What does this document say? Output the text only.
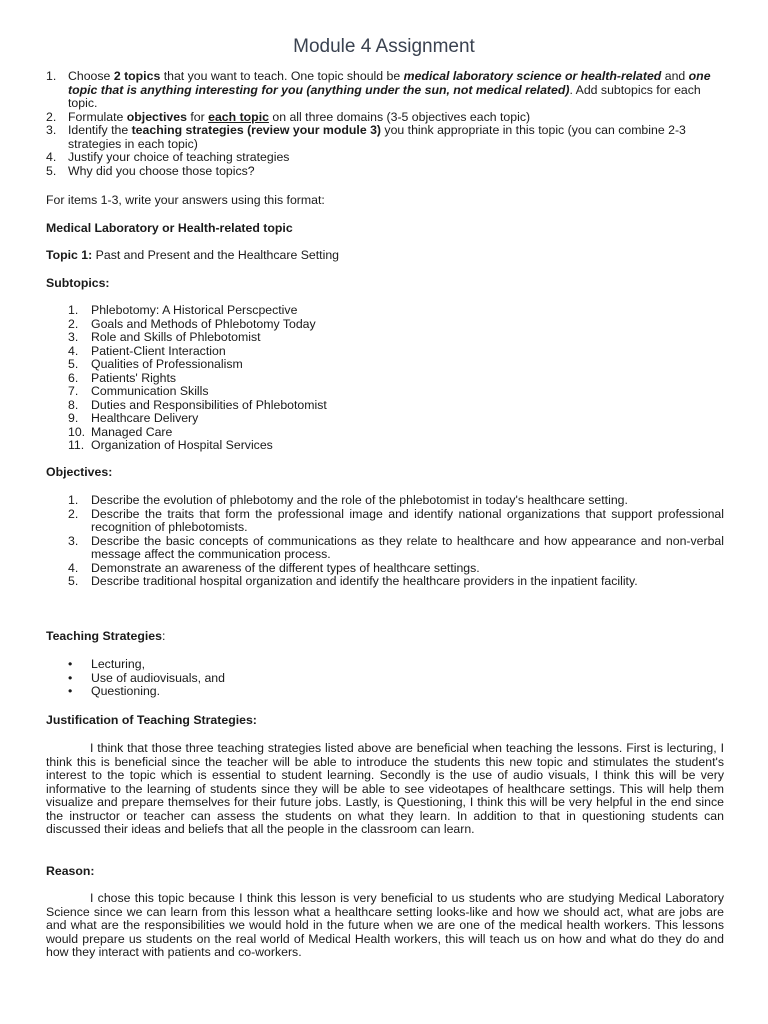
Module 4 Assignment
1. Choose 2 topics that you want to teach. One topic should be medical laboratory science or health-related and one topic that is anything interesting for you (anything under the sun, not medical related). Add subtopics for each topic.
2. Formulate objectives for each topic on all three domains (3-5 objectives each topic)
3. Identify the teaching strategies (review your module 3) you think appropriate in this topic (you can combine 2-3 strategies in each topic)
4. Justify your choice of teaching strategies
5. Why did you choose those topics?
For items 1-3, write your answers using this format:
Medical Laboratory or Health-related topic
Topic 1: Past and Present and the Healthcare Setting
Subtopics:
1. Phlebotomy: A Historical Perscpective
2. Goals and Methods of Phlebotomy Today
3. Role and Skills of Phlebotomist
4. Patient-Client Interaction
5. Qualities of Professionalism
6. Patients' Rights
7. Communication Skills
8. Duties and Responsibilities of Phlebotomist
9. Healthcare Delivery
10. Managed Care
11. Organization of Hospital Services
Objectives:
1. Describe the evolution of phlebotomy and the role of the phlebotomist in today's healthcare setting.
2. Describe the traits that form the professional image and identify national organizations that support professional recognition of phlebotomists.
3. Describe the basic concepts of communications as they relate to healthcare and how appearance and non-verbal message affect the communication process.
4. Demonstrate an awareness of the different types of healthcare settings.
5. Describe traditional hospital organization and identify the healthcare providers in the inpatient facility.
Teaching Strategies:
• Lecturing,
• Use of audiovisuals, and
• Questioning.
Justification of Teaching Strategies:
I think that those three teaching strategies listed above are beneficial when teaching the lessons. First is lecturing, I think this is beneficial since the teacher will be able to introduce the students this new topic and stimulates the student's interest to the topic which is essential to student learning. Secondly is the use of audio visuals, I think this will be very informative to the learning of students since they will be able to see videotapes of healthcare settings. This will help them visualize and prepare themselves for their future jobs. Lastly, is Questioning, I think this will be very helpful in the end since the instructor or teacher can assess the students on what they learn. In addition to that in questioning students can discussed their ideas and beliefs that all the people in the classroom can learn.
Reason:
I chose this topic because I think this lesson is very beneficial to us students who are studying Medical Laboratory Science since we can learn from this lesson what a healthcare setting looks-like and how we should act, what are jobs are and what are the responsibilities we would hold in the future when we are one of the medical health workers. This lessons would prepare us students on the real world of Medical Health workers, this will teach us on how and what do they do and how they interact with patients and co-workers.
